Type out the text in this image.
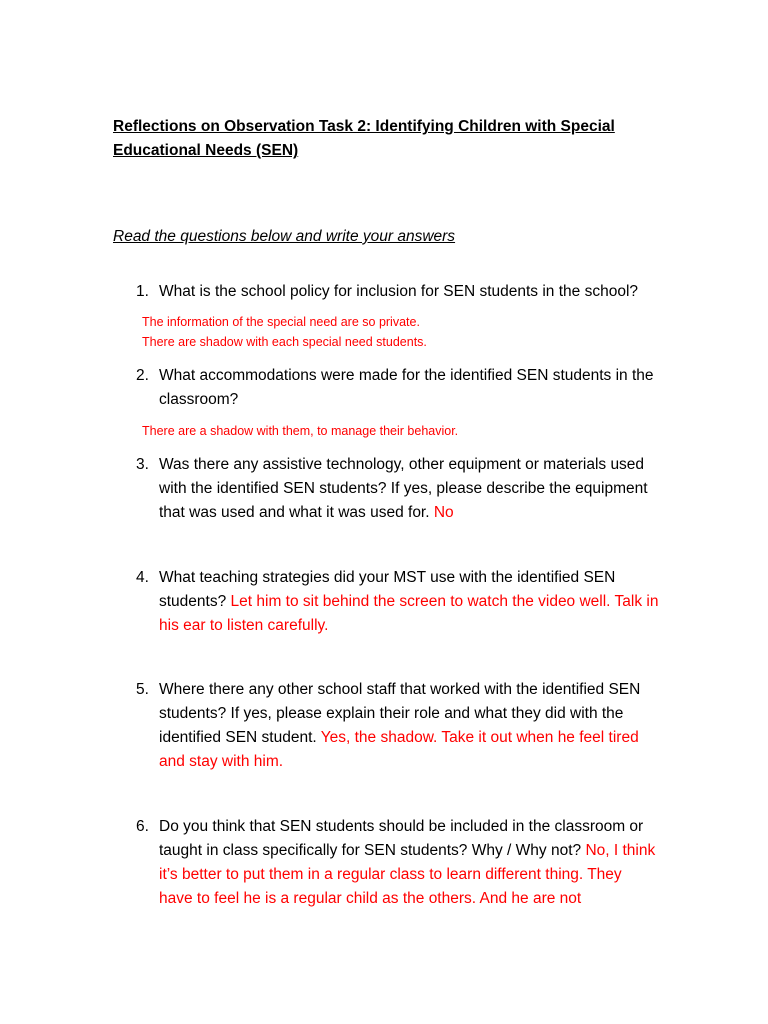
Reflections on Observation Task 2: Identifying Children with Special Educational Needs (SEN)
Read the questions below and write your answers
1. What is the school policy for inclusion for SEN students in the school?
The information of the special need are so private.
There are shadow with each special need students.
2. What accommodations were made for the identified SEN students in the classroom?
There are a shadow with them, to manage their behavior.
3. Was there any assistive technology, other equipment or materials used with the identified SEN students? If yes, please describe the equipment that was used and what it was used for. No
4. What teaching strategies did your MST use with the identified SEN students? Let him to sit behind the screen to watch the video well. Talk in his ear to listen carefully.
5. Where there any other school staff that worked with the identified SEN students? If yes, please explain their role and what they did with the identified SEN student. Yes, the shadow. Take it out when he feel tired and stay with him.
6. Do you think that SEN students should be included in the classroom or taught in class specifically for SEN students? Why / Why not? No, I think it’s better to put them in a regular class to learn different thing. They have to feel he is a regular child as the others. And he are not
